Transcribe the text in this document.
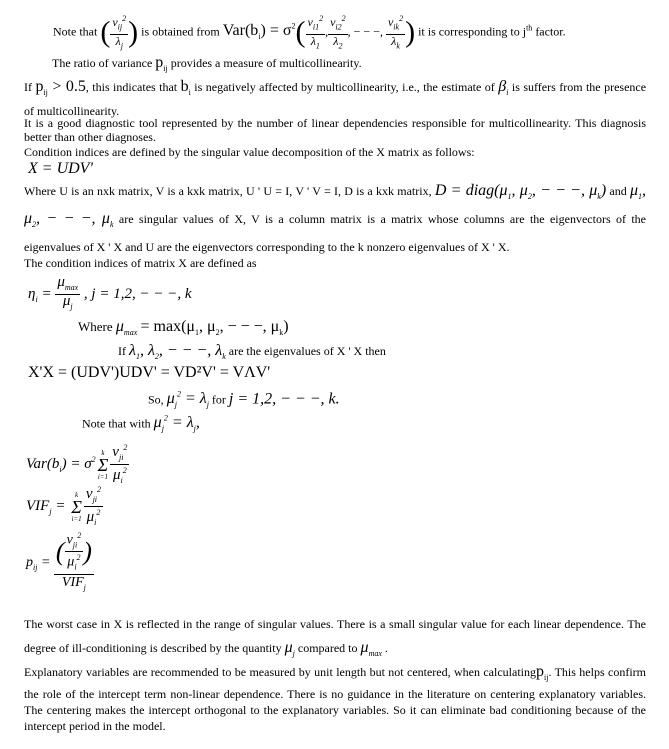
Note that ( $\frac{v_{ij}^2}{\lambda_j}$ ) is obtained from $Var(b_i) = \sigma^2( \frac{v_{i1}^2}{\lambda_1}$ , $\frac{v_{i2}^2}{\lambda_2}$ , − − −, $\frac{v_{ik}^2}{\lambda_k}$ ) it is corresponding to $j^{th}$ factor.
The ratio of variance $p_{ij}$ provides a measure of multicollinearity.
If $p_{ij} > 0.5$, this indicates that $b_i$ is negatively affected by multicollinearity, i.e., the estimate of $\beta_i$ is suffers from the presence of multicollinearity.
It is a good diagnostic tool represented by the number of linear dependencies responsible for multicollinearity. This diagnosis better than other diagnoses.
Condition indices are defined by the singular value decomposition of the X matrix as follows:
X = UDV'
Where U is an nxk matrix, V is a kxk matrix, U ' U = I, V ' V = I, D is a kxk matrix, $D = diag(\mu_1$, $\mu_2$, − − −, $\mu_k$) and $\mu_1$, $\mu_2$, − − −, $\mu_k$ are singular values of X, V is a column matrix is a matrix whose columns are the eigenvectors of the eigenvalues of X ' X and U are the eigenvectors corresponding to the k nonzero eigenvalues of X ' X.
The condition indices of matrix X are defined as
$\eta_i = \frac{\mu_{max}}{\mu_j}$ , j = 1,2, − − −, k
Where $\mu_{max} = \max(\mu_1$, $\mu_2$, − − −, $\mu_k$)
If $\lambda_1$, $\lambda_2$, − − −, $\lambda_k$ are the eigenvalues of X ' X then
X'X = (UDV')UDV' = VD²V' = VΛV'
So, $\mu_j^2 = \lambda_j$ for j = 1,2, − − −, k.
Note that with $\mu_j^2 = \lambda_j$,
$Var(b_i) = \sigma^2$
k
Σ
$i=1 \frac{v_{ji}^2}{\mu_i^2}$
$VIF_j$ =
k
Σ
$i=1 \frac{v_{ji}^2}{\mu_i^2}$
$p_{ij} = \frac{( \frac{v_{ji}^2}{\mu_i^2} )}{VIF_j}$
The worst case in X is reflected in the range of singular values. There is a small singular value for each linear dependence. The degree of ill-conditioning is described by the quantity $\mu_j$ compared to $\mu_{max}$ .
Explanatory variables are recommended to be measured by unit length but not centered, when calculatingp$_{ij}$. This helps confirm the role of the intercept term non-linear dependence. There is no guidance in the literature on centering explanatory variables. The centering makes the intercept orthogonal to the explanatory variables. So it can eliminate bad conditioning because of the intercept period in the model.
